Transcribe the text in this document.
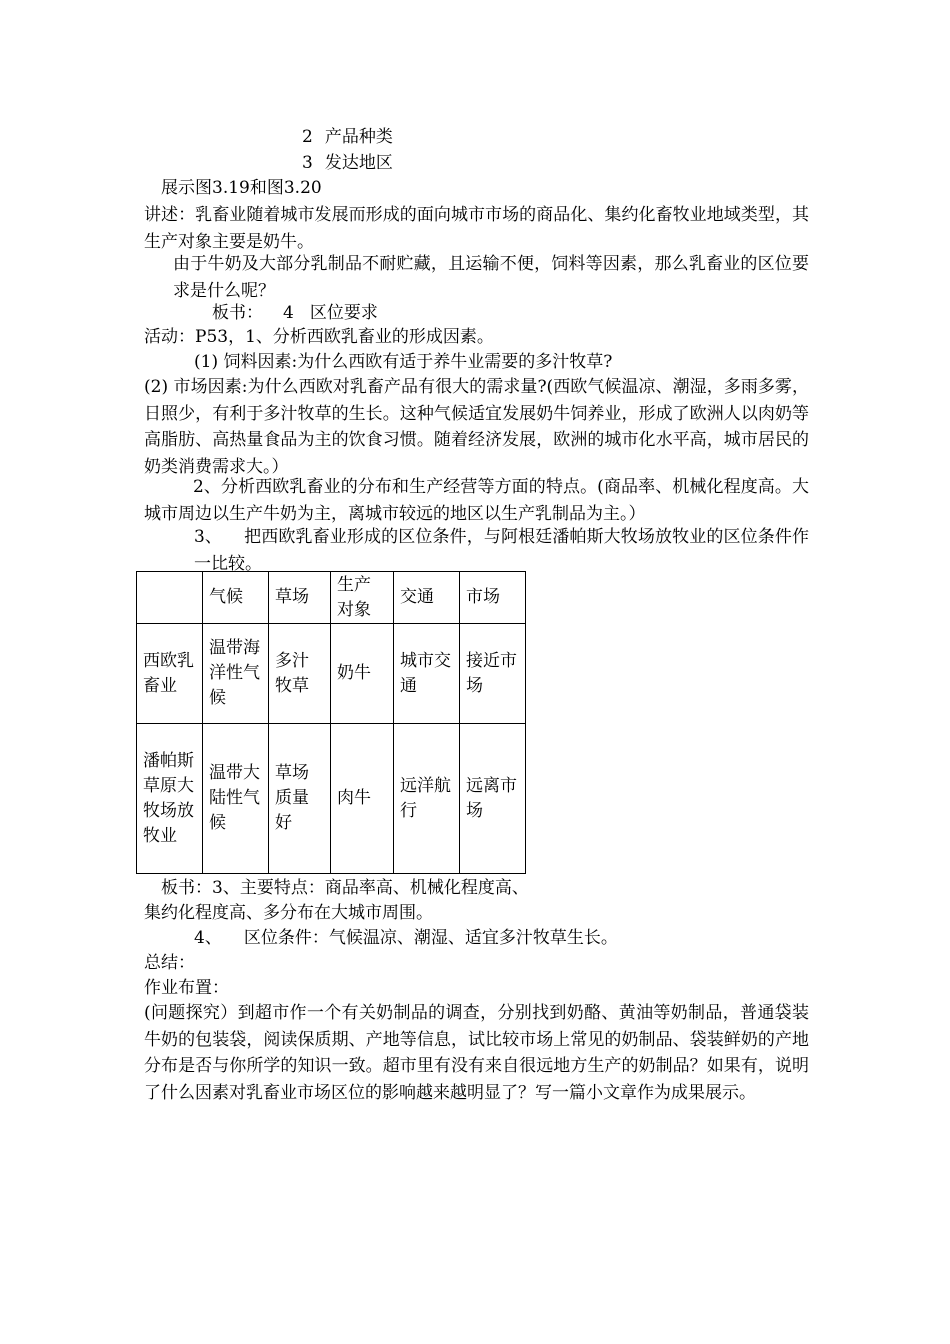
2 产品种类
3 发达地区
展示图3.19和图3.20
讲述：乳畜业随着城市发展而形成的面向城市市场的商品化、集约化畜牧业地域类型，其生产对象主要是奶牛。
由于牛奶及大部分乳制品不耐贮藏，且运输不便，饲料等因素，那么乳畜业的区位要求是什么呢？
板书： 4 区位要求
活动：P53，1、分析西欧乳畜业的形成因素。
(1) 饲料因素:为什么西欧有适于养牛业需要的多汁牧草?
(2) 市场因素:为什么西欧对乳畜产品有很大的需求量?(西欧气候温凉、潮湿，多雨多雾，日照少，有利于多汁牧草的生长。这种气候适宜发展奶牛饲养业，形成了欧洲人以肉奶等高脂肪、高热量食品为主的饮食习惯。随着经济发展，欧洲的城市化水平高，城市居民的奶类消费需求大。）
2、分析西欧乳畜业的分布和生产经营等方面的特点。(商品率、机械化程度高。大城市周边以生产牛奶为主，离城市较远的地区以生产乳制品为主。）
3、 把西欧乳畜业形成的区位条件，与阿根廷潘帕斯大牧场放牧业的区位条件作一比较。
	气候	草场	生产对象	交通	市场
西欧乳畜业	温带海洋性气候	多汁牧草	奶牛	城市交通	接近市场
潘帕斯草原大牧场放牧业	温带大陆性气候	草场质量好	肉牛	远洋航行	远离市场
板书：3、主要特点：商品率高、机械化程度高、
集约化程度高、多分布在大城市周围。
4、 区位条件：气候温凉、潮湿、适宜多汁牧草生长。
总结：
作业布置：
(问题探究）到超市作一个有关奶制品的调查，分别找到奶酪、黄油等奶制品，普通袋装牛奶的包装袋，阅读保质期、产地等信息，试比较市场上常见的奶制品、袋装鲜奶的产地分布是否与你所学的知识一致。超市里有没有来自很远地方生产的奶制品？如果有，说明了什么因素对乳畜业市场区位的影响越来越明显了？写一篇小文章作为成果展示。
